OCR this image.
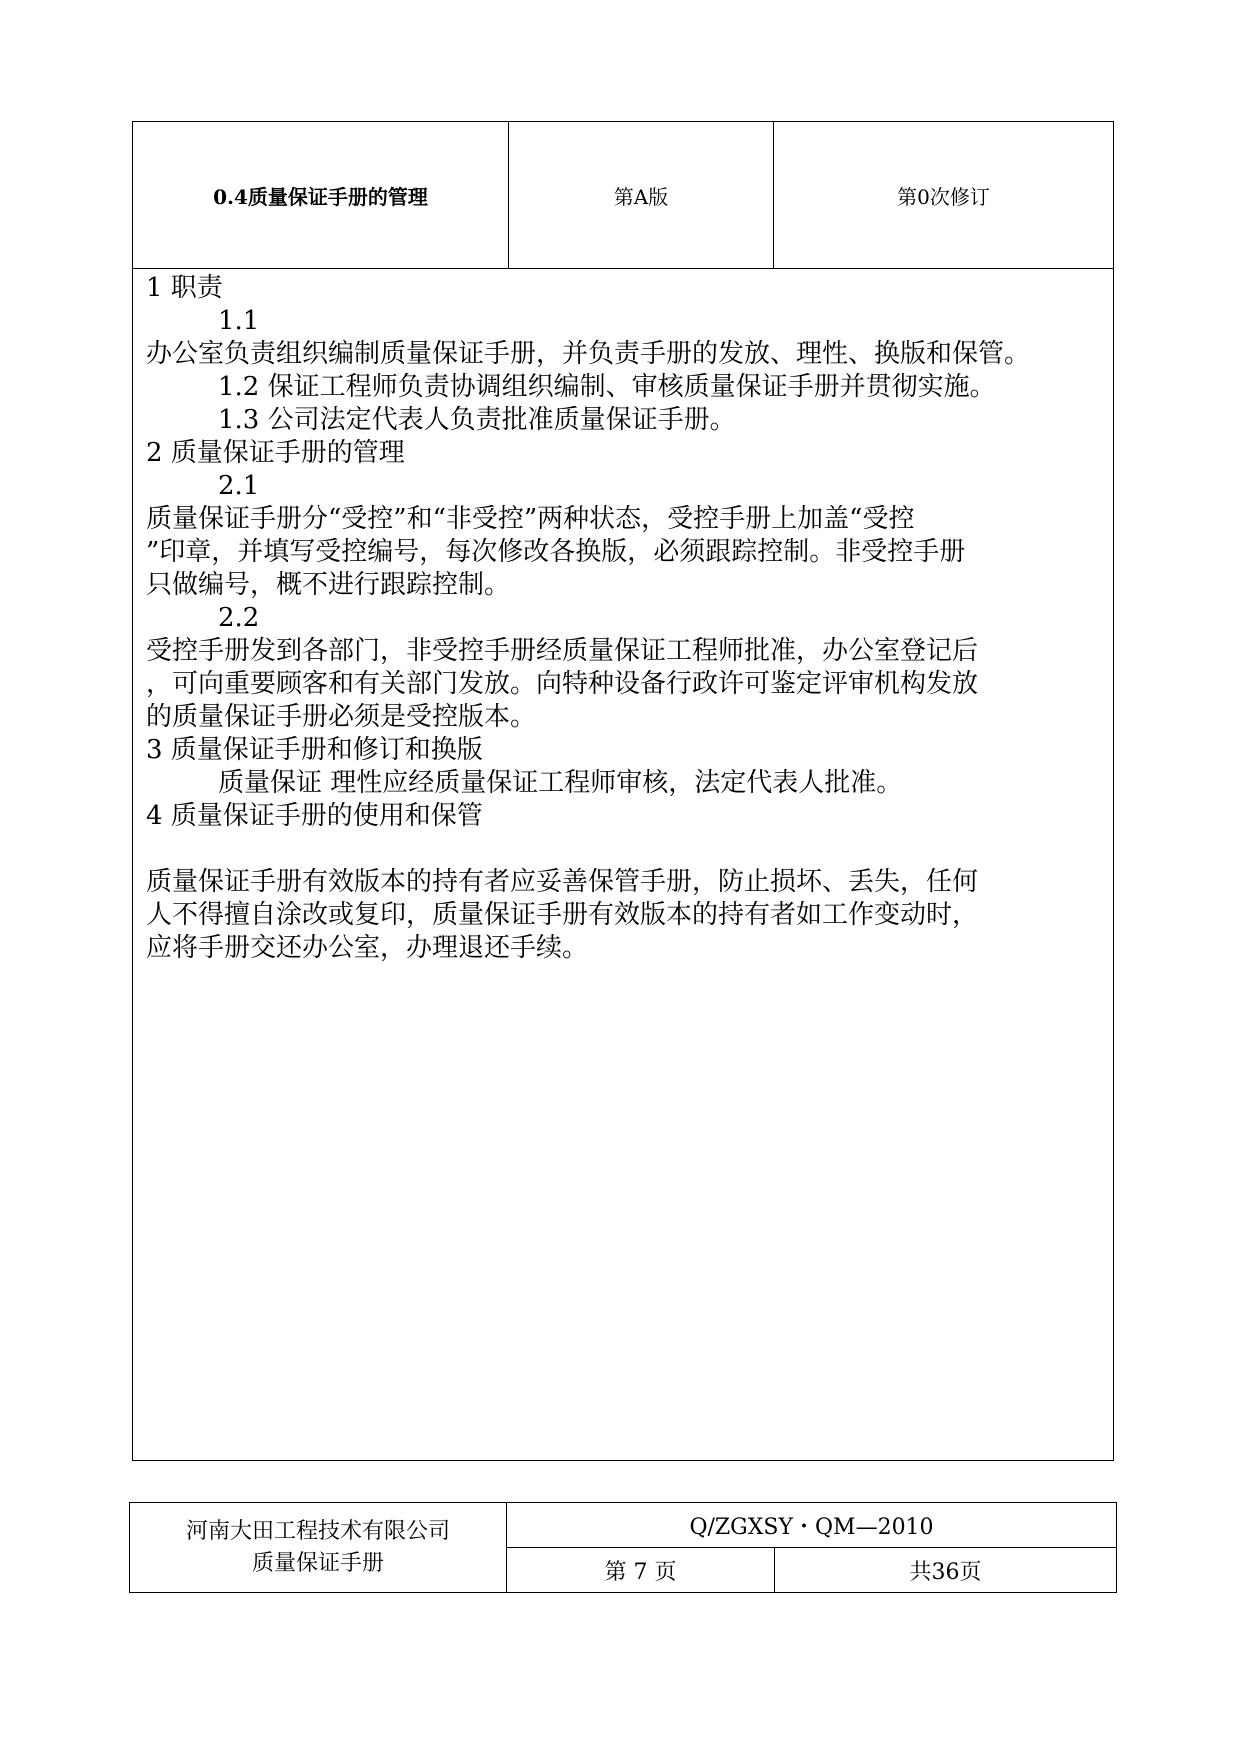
0.4质量保证手册的管理	第A版	第0次修订

1 职责

1.1

办公室负责组织编制质量保证手册，并负责手册的发放、理性、换版和保管。

1.2 保证工程师负责协调组织编制、审核质量保证手册并贯彻实施。

1.3 公司法定代表人负责批准质量保证手册。

2 质量保证手册的管理

2.1

质量保证手册分“受控”和“非受控”两种状态，受控手册上加盖“受控

”印章，并填写受控编号，每次修改各换版，必须跟踪控制。非受控手册

只做编号，概不进行跟踪控制。

2.2

受控手册发到各部门，非受控手册经质量保证工程师批准，办公室登记后

，可向重要顾客和有关部门发放。向特种设备行政许可鉴定评审机构发放

的质量保证手册必须是受控版本。

3 质量保证手册和修订和换版

质量保证 理性应经质量保证工程师审核，法定代表人批准。

4 质量保证手册的使用和保管

质量保证手册有效版本的持有者应妥善保管手册，防止损坏、丢失，任何

人不得擅自涂改或复印，质量保证手册有效版本的持有者如工作变动时，

应将手册交还办公室，办理退还手续。

河南大田工程技术有限公司
质量保证手册
Q/ZGXSY・QM—2010
第 7 页	共36页
